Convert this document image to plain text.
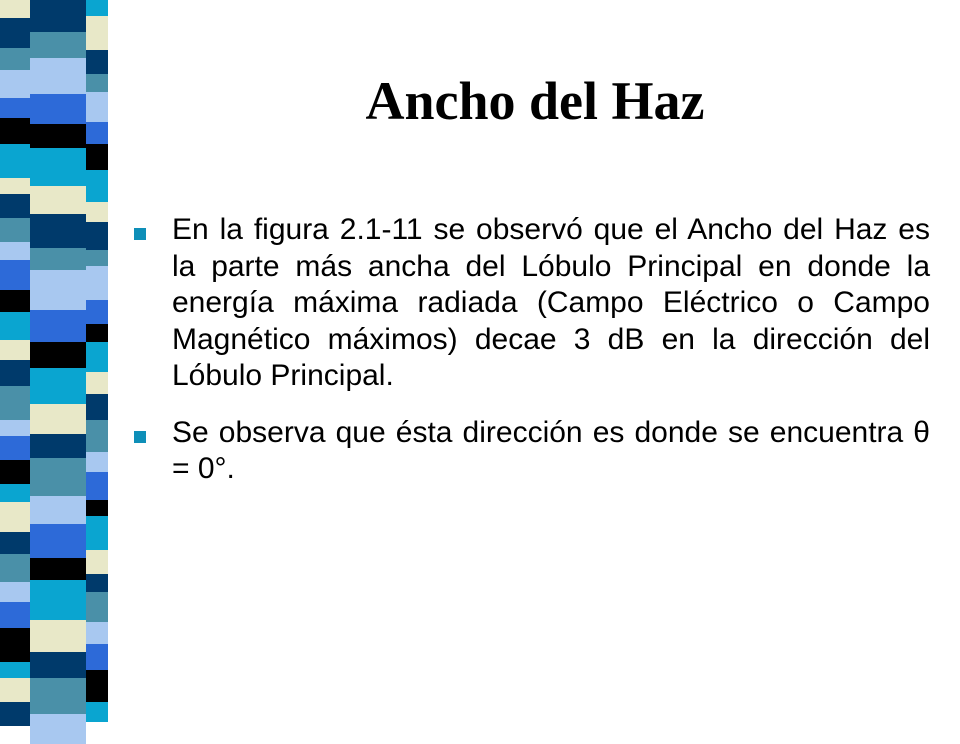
Ancho del Haz
En la figura 2.1-11 se observó que el Ancho del Haz es la parte más ancha del Lóbulo Principal en donde la energía máxima radiada (Campo Eléctrico o Campo Magnético máximos) decae 3 dB en la dirección del Lóbulo Principal.
Se observa que ésta dirección es donde se encuentra θ = 0°.
